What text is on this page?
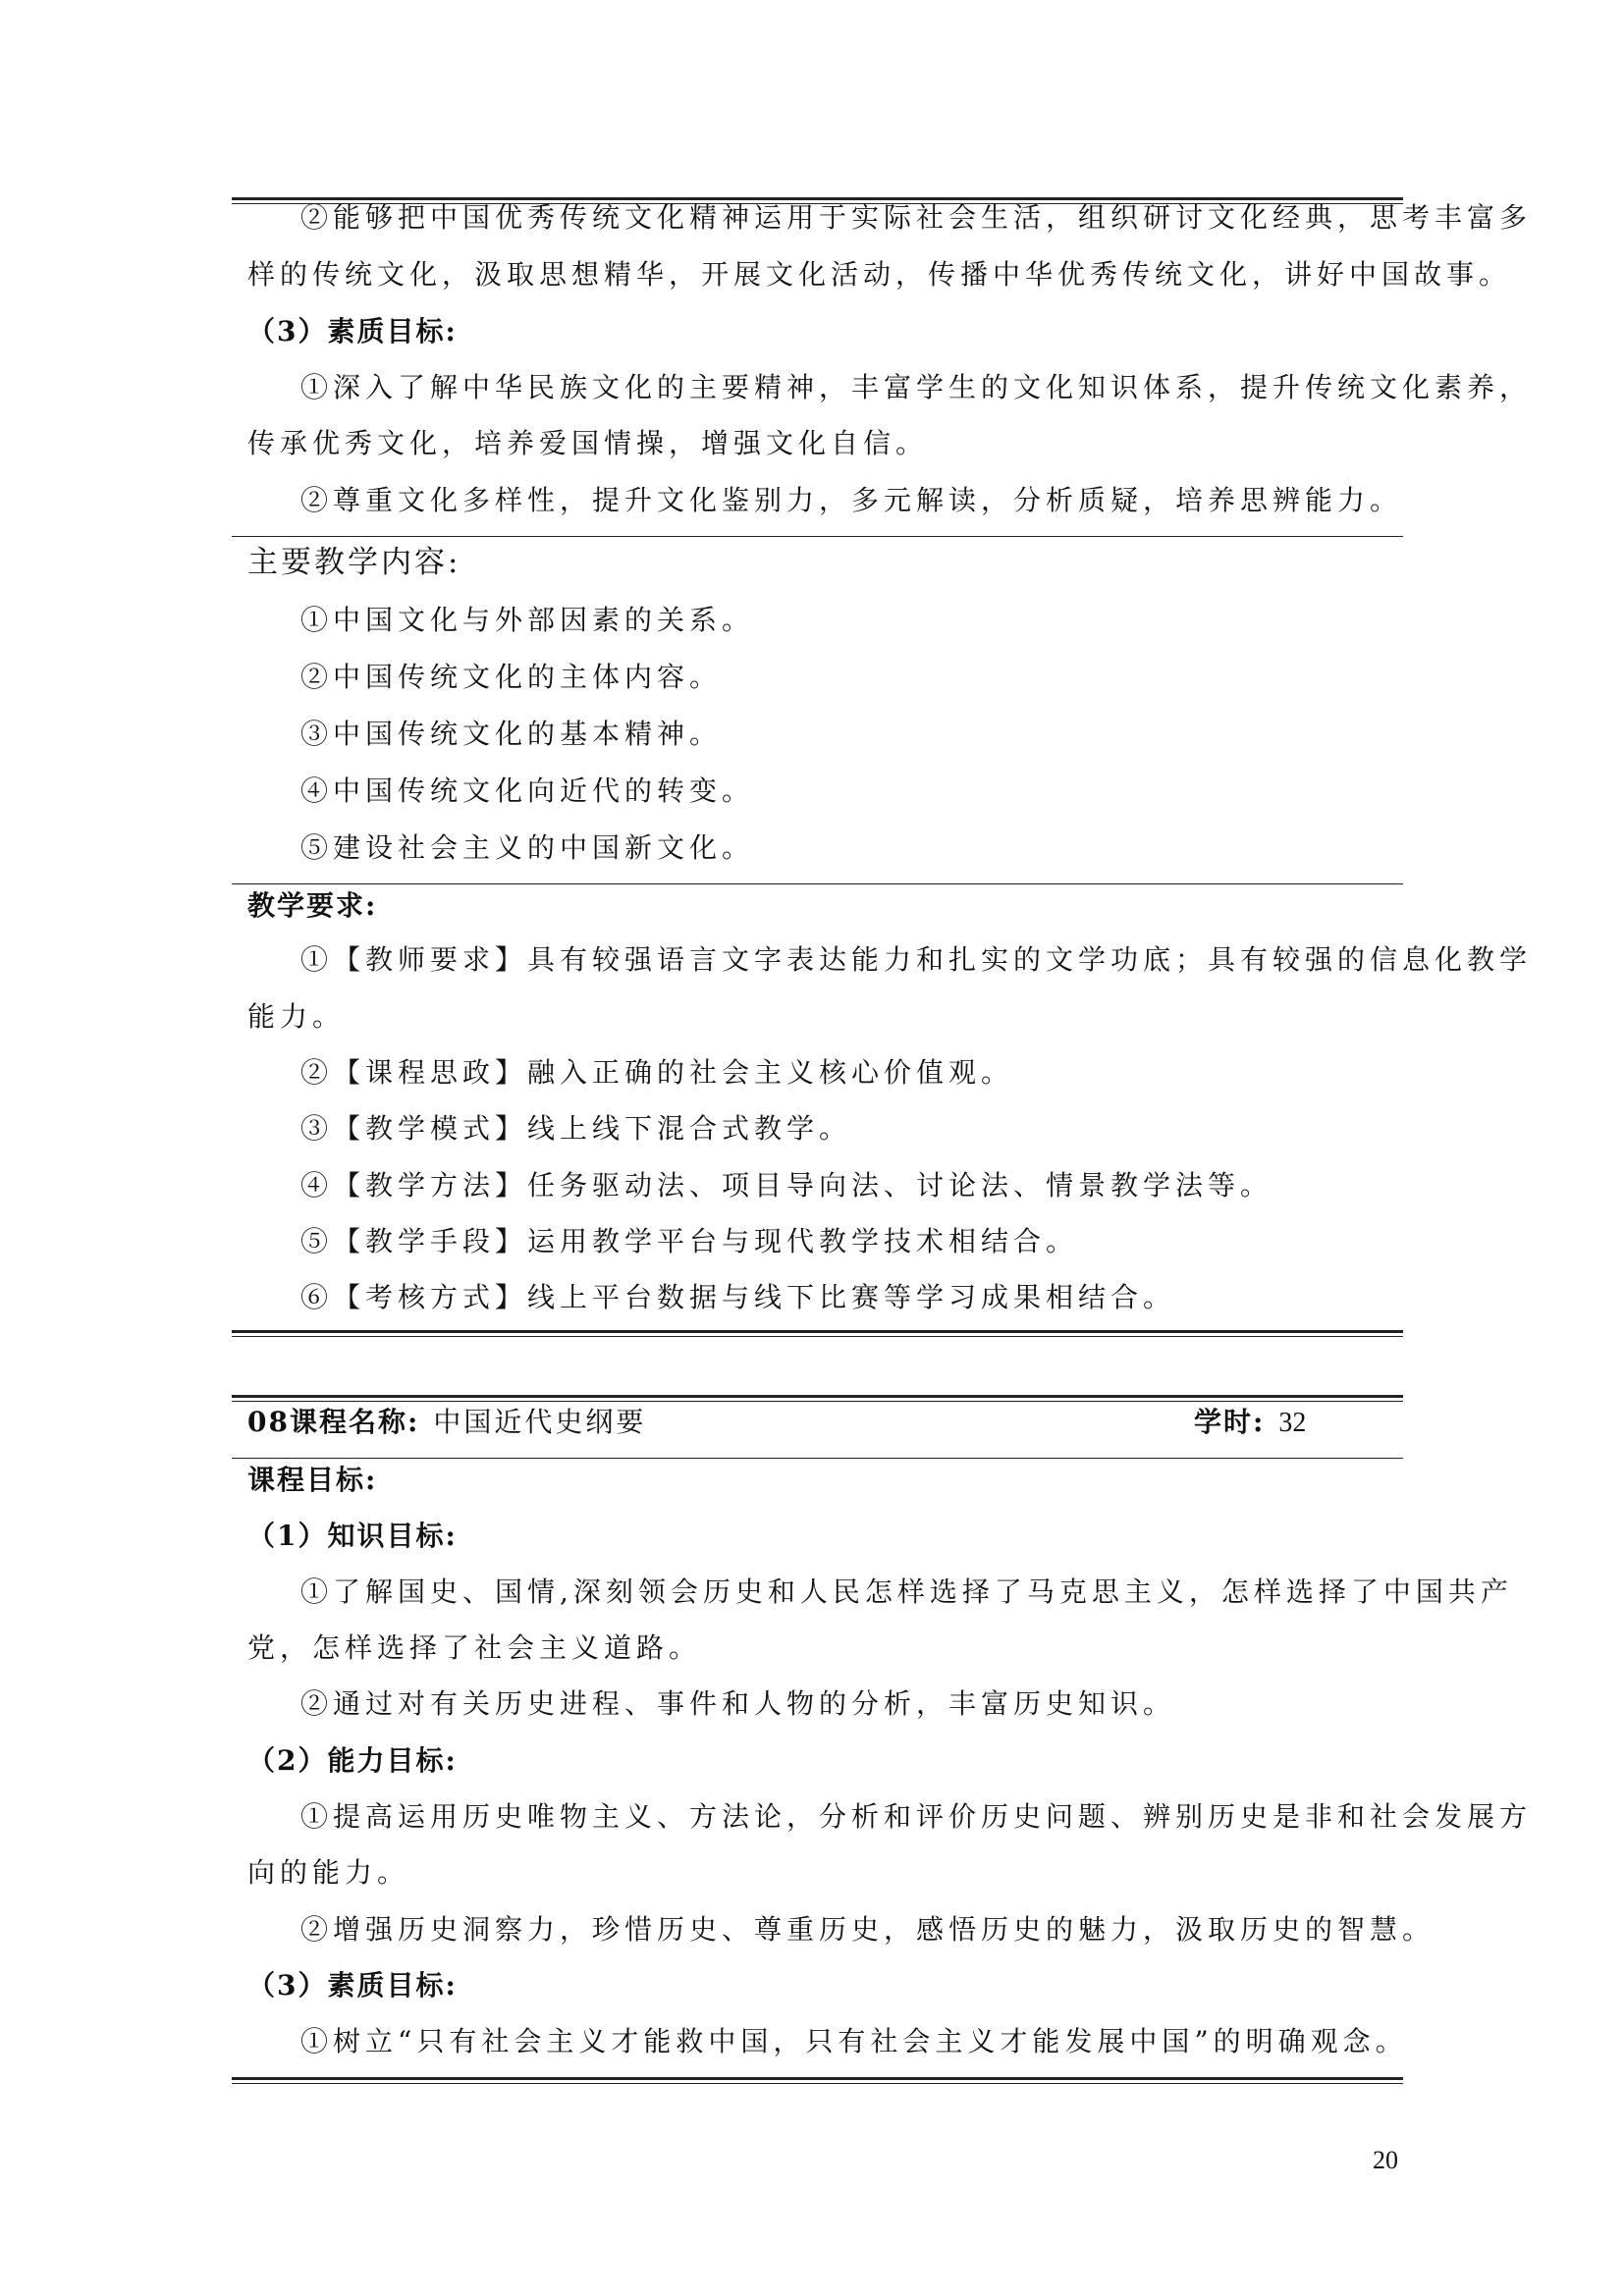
②能够把中国优秀传统文化精神运用于实际社会生活，组织研讨文化经典，思考丰富多
样的传统文化，汲取思想精华，开展文化活动，传播中华优秀传统文化，讲好中国故事。
（3）素质目标:
①深入了解中华民族文化的主要精神，丰富学生的文化知识体系，提升传统文化素养，
传承优秀文化，培养爱国情操，增强文化自信。
②尊重文化多样性，提升文化鉴别力，多元解读，分析质疑，培养思辨能力。
主要教学内容:
①中国文化与外部因素的关系。
②中国传统文化的主体内容。
③中国传统文化的基本精神。
④中国传统文化向近代的转变。
⑤建设社会主义的中国新文化。
教学要求:
①【教师要求】具有较强语言文字表达能力和扎实的文学功底；具有较强的信息化教学
能力。
②【课程思政】融入正确的社会主义核心价值观。
③【教学模式】线上线下混合式教学。
④【教学方法】任务驱动法、项目导向法、讨论法、情景教学法等。
⑤【教学手段】运用教学平台与现代教学技术相结合。
⑥【考核方式】线上平台数据与线下比赛等学习成果相结合。
08课程名称: 中国近代史纲要	学时: 32
课程目标:
（1）知识目标:
①了解国史、国情,深刻领会历史和人民怎样选择了马克思主义，怎样选择了中国共产
党，怎样选择了社会主义道路。
②通过对有关历史进程、事件和人物的分析，丰富历史知识。
（2）能力目标:
①提高运用历史唯物主义、方法论，分析和评价历史问题、辨别历史是非和社会发展方
向的能力。
②增强历史洞察力，珍惜历史、尊重历史，感悟历史的魅力，汲取历史的智慧。
（3）素质目标:
①树立“只有社会主义才能救中国，只有社会主义才能发展中国”的明确观念。
20
